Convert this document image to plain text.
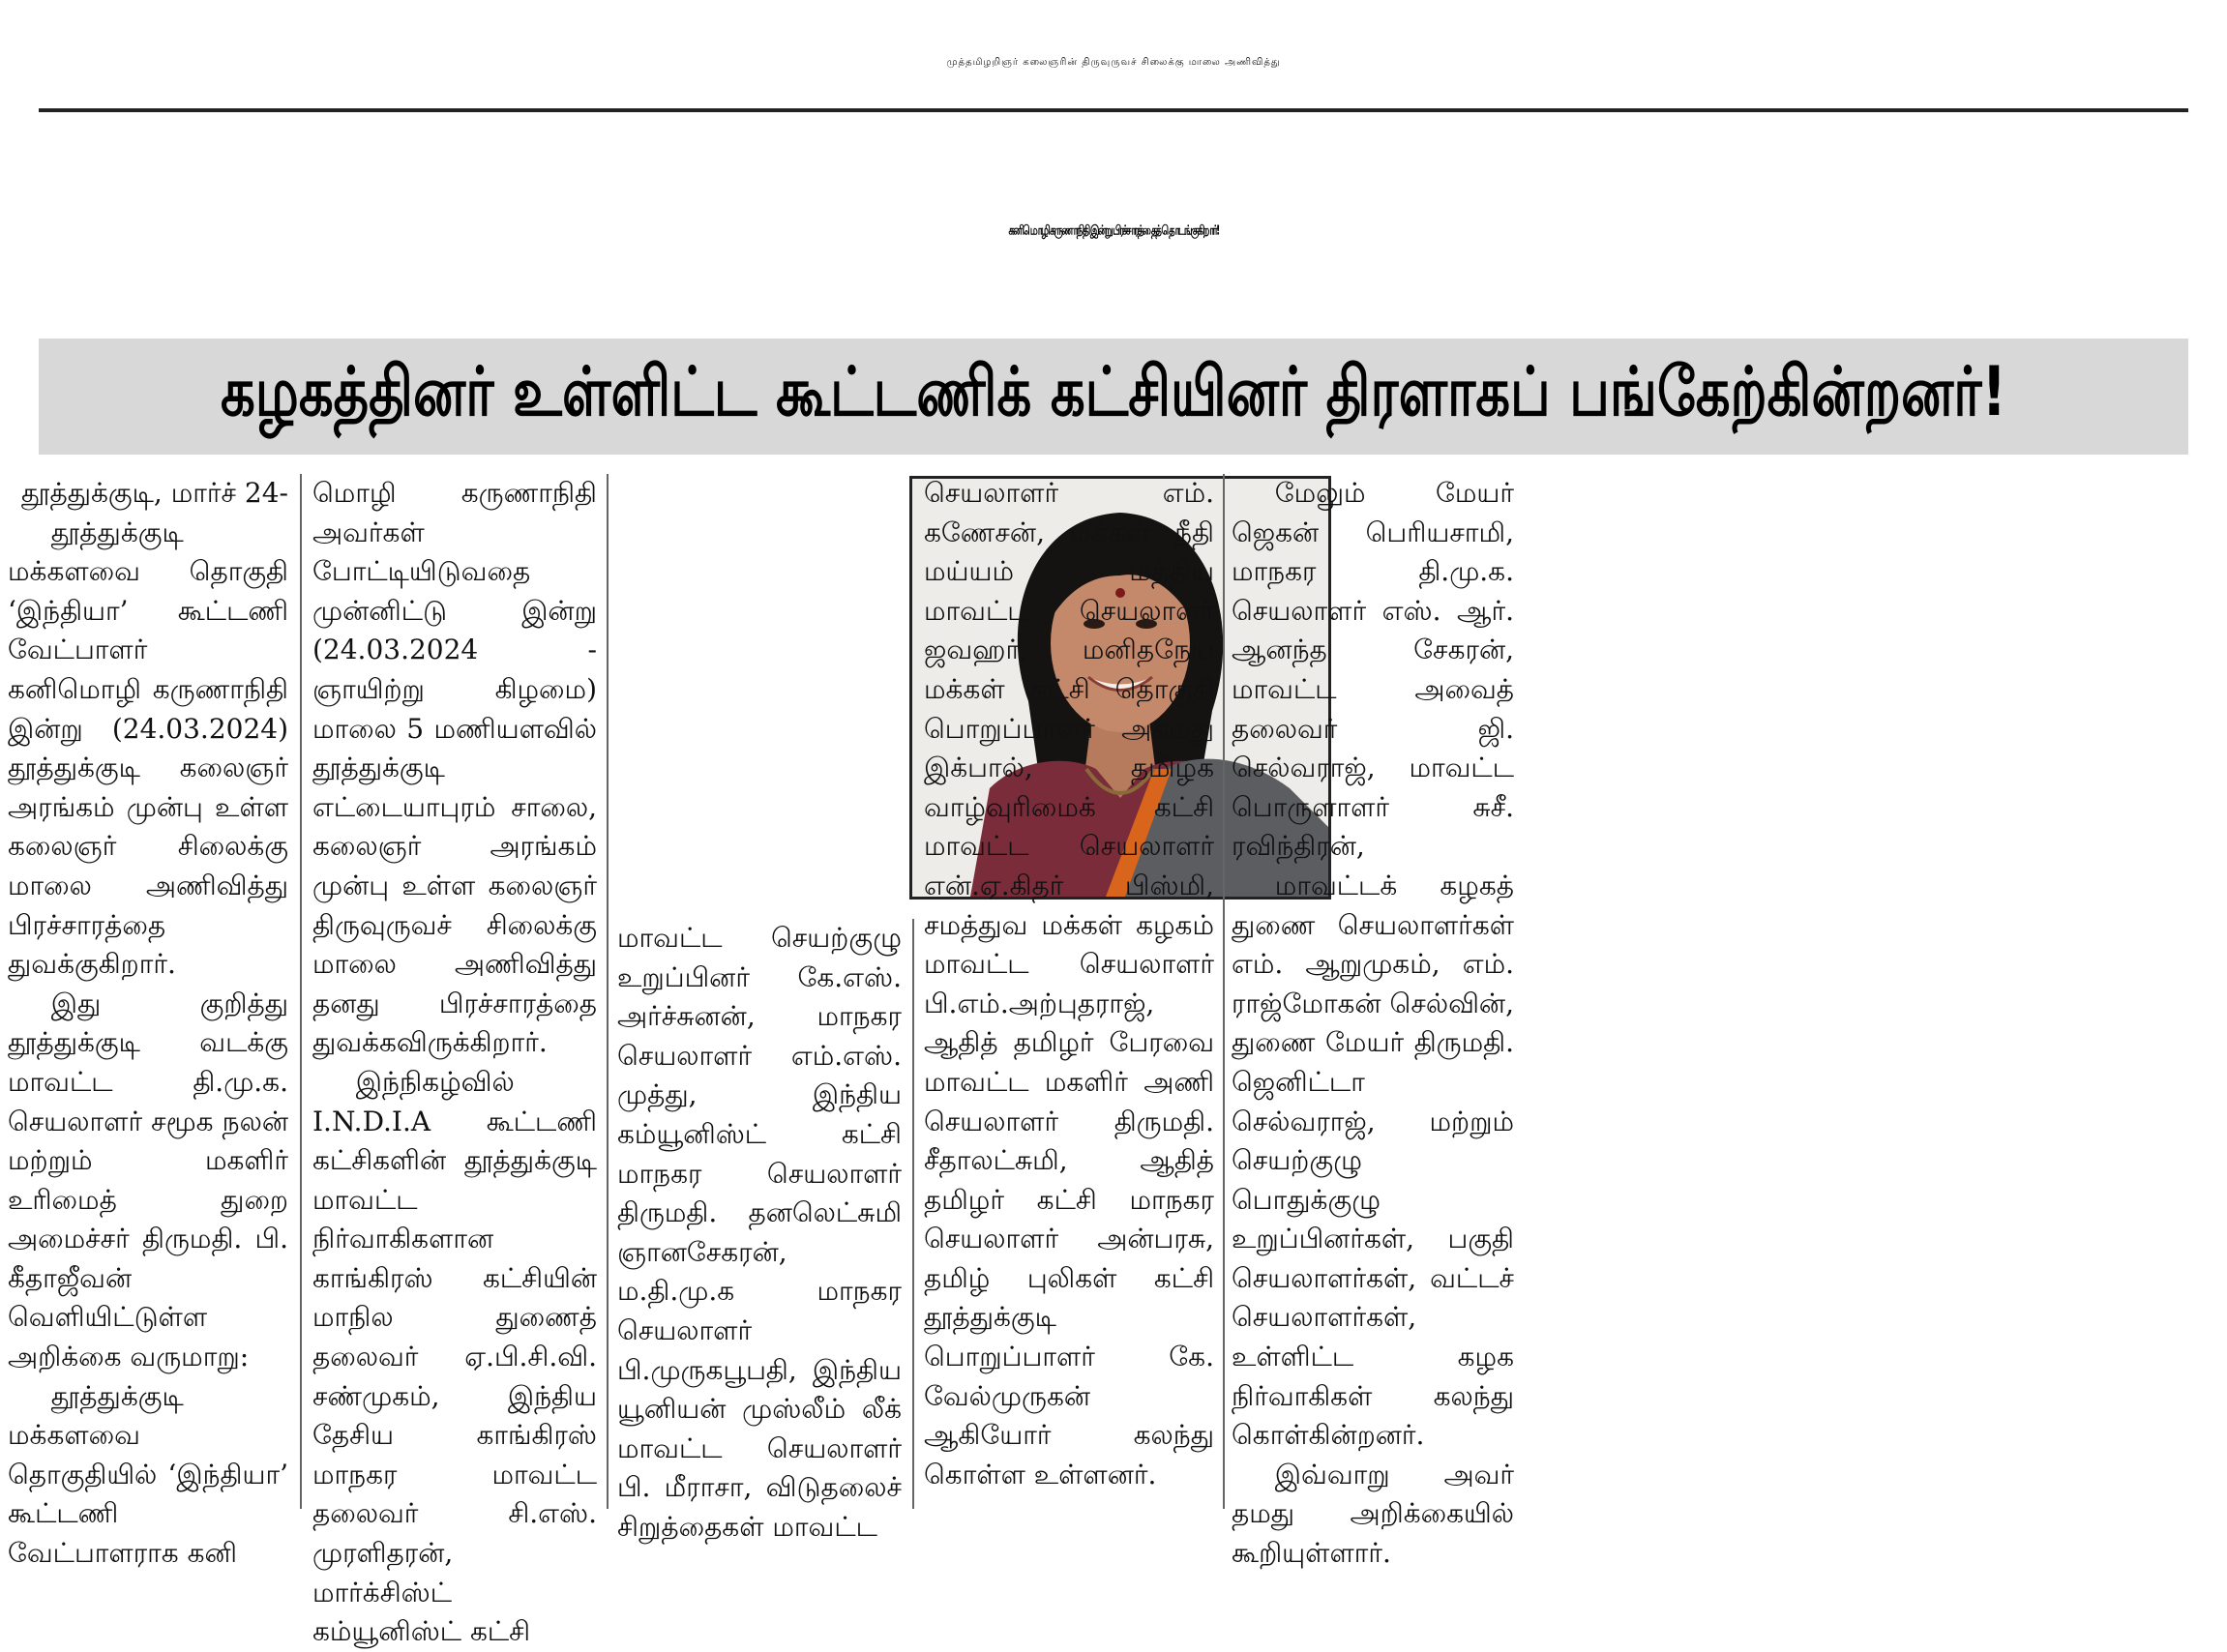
முத்தமிழறிஞர் கலைஞரின் திருவுருவச் சிலைக்கு மாலை அணிவித்து
கனிமொழி கருணாநிதி இன்று பிரச்சாரத்தைத் தொடங்குகிறார்!
கழகத்தினர் உள்ளிட்ட கூட்டணிக் கட்சியினர் திரளாகப் பங்கேற்கின்றனர்!

தூத்துக்குடி, மார்ச் 24-

தூத்துக்குடி மக்களவை தொகுதி ‘இந்தியா’ கூட்டணி வேட்பாளர் கனிமொழி கருணாநிதி இன்று (24.03.2024) தூத்துக்குடி கலைஞர் அரங்கம் முன்பு உள்ள கலைஞர் சிலைக்கு மாலை அணிவித்து பிரச்சாரத்தை துவக்குகிறார்.

இது குறித்து தூத்துக்குடி வடக்கு மாவட்ட தி.மு.க. செயலாளர் சமூக நலன் மற்றும் மகளிர் உரிமைத் துறை அமைச்சர் திருமதி. பி. கீதாஜீவன் வெளியிட்டுள்ள அறிக்கை வருமாறு:

தூத்துக்குடி மக்களவை தொகுதியில் ‘இந்தியா’ கூட்டணி வேட்பாளராக கனி

மொழி கருணாநிதி அவர்கள் போட்டியிடுவதை முன்னிட்டு இன்று (24.03.2024 - ஞாயிற்று கிழமை) மாலை 5 மணியளவில் தூத்துக்குடி எட்டையாபுரம் சாலை, கலைஞர் அரங்கம் முன்பு உள்ள கலைஞர் திருவுருவச் சிலைக்கு மாலை அணிவித்து தனது பிரச்சாரத்தை துவக்கவிருக்கிறார்.

இந்நிகழ்வில் I.N.D.I.A கூட்டணி கட்சிகளின் தூத்துக்குடி மாவட்ட நிர்வாகிகளான காங்கிரஸ் கட்சியின் மாநில துணைத் தலைவர் ஏ.பி.சி.வி. சண்முகம், இந்திய தேசிய காங்கிரஸ் மாநகர மாவட்ட தலைவர் சி.எஸ். முரளிதரன், மார்க்சிஸ்ட் கம்யூனிஸ்ட் கட்சி

மாவட்ட செயற்குழு உறுப்பினர் கே.எஸ். அர்ச்சுனன், மாநகர செயலாளர் எம்.எஸ். முத்து, இந்திய கம்யூனிஸ்ட் கட்சி மாநகர செயலாளர் திருமதி. தனலெட்சுமி ஞானசேகரன், ம.தி.மு.க மாநகர செயலாளர் பி.முருகபூபதி, இந்திய யூனியன் முஸ்லீம் லீக் மாவட்ட செயலாளர் பி. மீராசா, விடுதலைச் சிறுத்தைகள் மாவட்ட

செயலாளர் எம். கணேசன், மக்கள் நீதி மய்யம் மத்திய மாவட்ட செயலாளர் ஜவஹர், மனிதநேய மக்கள் கட்சி தொகுதி பொறுப்பாளர் அகமது இக்பால், தமிழக வாழ்வுரிமைக் கட்சி மாவட்ட செயலாளர் என்.ஏ.கிதர் பிஸ்மி, சமத்துவ மக்கள் கழகம் மாவட்ட செயலாளர் பி.எம்.அற்புதராஜ், ஆதித் தமிழர் பேரவை மாவட்ட மகளிர் அணி செயலாளர் திருமதி. சீதாலட்சுமி, ஆதித் தமிழர் கட்சி மாநகர செயலாளர் அன்பரசு, தமிழ் புலிகள் கட்சி தூத்துக்குடி பொறுப்பாளர் கே. வேல்முருகன் ஆகியோர் கலந்து கொள்ள உள்ளனர்.

மேலும் மேயர் ஜெகன் பெரியசாமி, மாநகர தி.மு.க. செயலாளர் எஸ். ஆர். ஆனந்த சேகரன், மாவட்ட அவைத் தலைவர் ஜி. செல்வராஜ், மாவட்ட பொருளாளர் சுசீ. ரவிந்திரன்,

மாவட்டக் கழகத் துணை செயலாளர்கள் எம். ஆறுமுகம், எம். ராஜ்மோகன் செல்வின், துணை மேயர் திருமதி. ஜெனிட்டா செல்வராஜ், மற்றும் செயற்குழு பொதுக்குழு உறுப்பினர்கள், பகுதி செயலாளர்கள், வட்டச் செயலாளர்கள், உள்ளிட்ட கழக நிர்வாகிகள் கலந்து கொள்கின்றனர்.

இவ்வாறு அவர் தமது அறிக்கையில் கூறியுள்ளார்.
